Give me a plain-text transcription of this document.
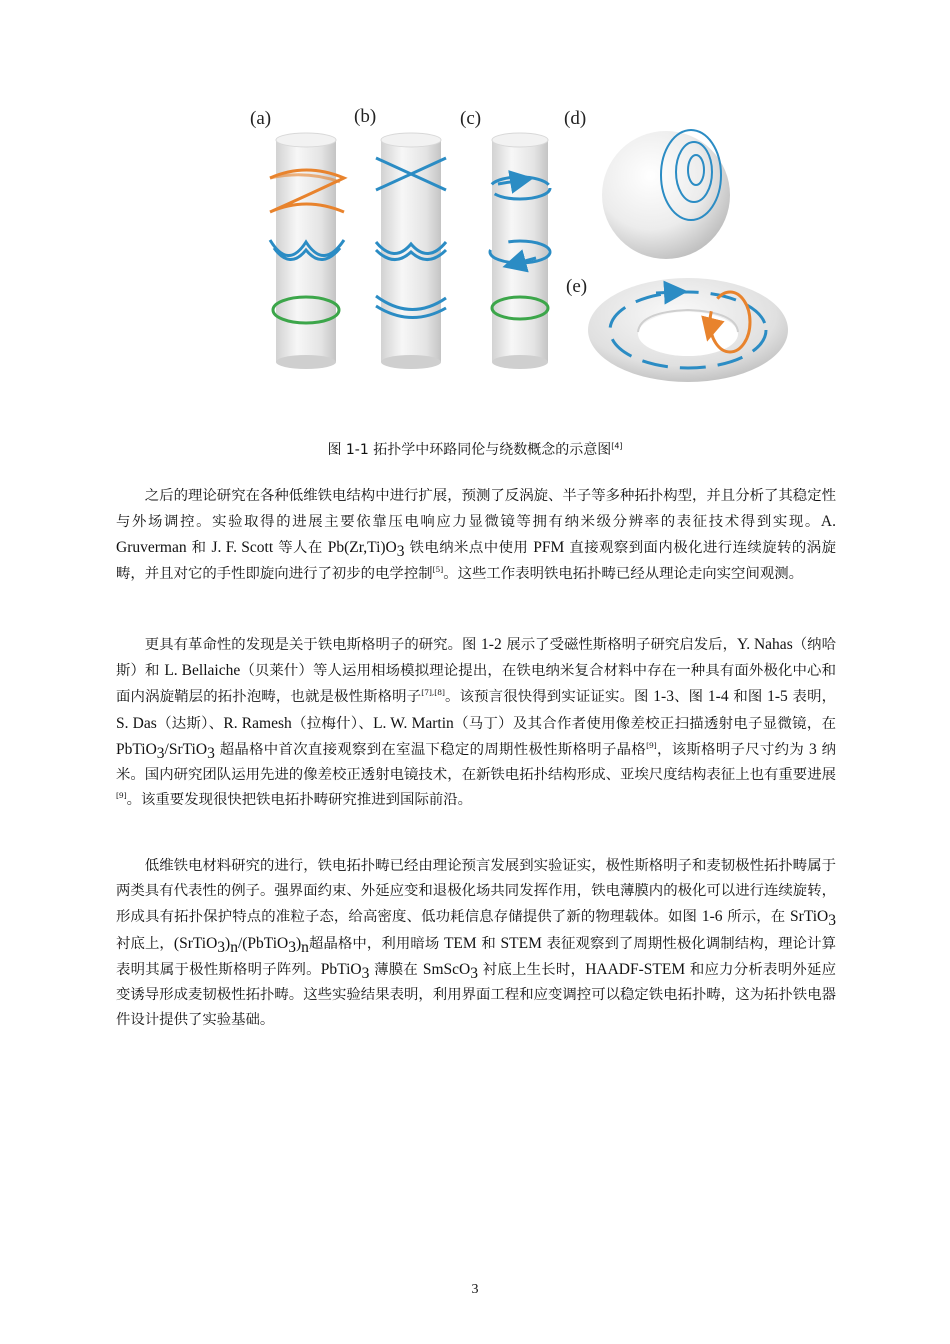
(a)	(b)	(c)	(d)
(e)
图 1-1 拓扑学中环路同伦与绕数概念的示意图[4]

之后的理论研究在各种低维铁电结构中进行扩展，预测了反涡旋、半子等多种拓扑构型，并且分析了其稳定性与外场调控。实验取得的进展主要依靠压电响应力显微镜等拥有纳米级分辨率的表征技术得到实现。A. Gruverman 和 J. F. Scott 等人在 $Pb(Zr,Ti)O_3$ 铁电纳米点中使用 PFM 直接观察到面内极化进行连续旋转的涡旋畴，并且对它的手性即旋向进行了初步的电学控制[5]。这些工作表明铁电拓扑畴已经从理论走向实空间观测。

更具有革命性的发现是关于铁电斯格明子的研究。图 1-2 展示了受磁性斯格明子研究启发后，Y. Nahas（纳哈斯）和 L. Bellaiche（贝莱什）等人运用相场模拟理论提出，在铁电纳米复合材料中存在一种具有面外极化中心和面内涡旋鞘层的拓扑泡畴，也就是极性斯格明子[7],[8]。该预言很快得到实证证实。图 1-3、图 1-4 和图 1-5 表明，S. Das（达斯）、R. Ramesh（拉梅什）、L. W. Martin（马丁）及其合作者使用像差校正扫描透射电子显微镜，在 PbTiO$_3$/SrTiO$_3$ 超晶格中首次直接观察到在室温下稳定的周期性极性斯格明子晶格[9]，该斯格明子尺寸约为 3 纳米。国内研究团队运用先进的像差校正透射电镜技术，在新铁电拓扑结构形成、亚埃尺度结构表征上也有重要进展[9]。该重要发现很快把铁电拓扑畴研究推进到国际前沿。

低维铁电材料研究的进行，铁电拓扑畴已经由理论预言发展到实验证实，极性斯格明子和麦韧极性拓扑畴属于两类具有代表性的例子。强界面约束、外延应变和退极化场共同发挥作用，铁电薄膜内的极化可以进行连续旋转，形成具有拓扑保护特点的准粒子态，给高密度、低功耗信息存储提供了新的物理载体。如图 1-6 所示，在 SrTiO$_3$ 衬底上，$(SrTiO_3)_n/(PbTiO_3)_n$超晶格中，利用暗场 TEM 和 STEM 表征观察到了周期性极化调制结构，理论计算表明其属于极性斯格明子阵列。PbTiO$_3$ 薄膜在 SmScO$_3$ 衬底上生长时，HAADF-STEM 和应力分析表明外延应变诱导形成麦韧极性拓扑畴。这些实验结果表明，利用界面工程和应变调控可以稳定铁电拓扑畴，这为拓扑铁电器件设计提供了实验基础。

3
